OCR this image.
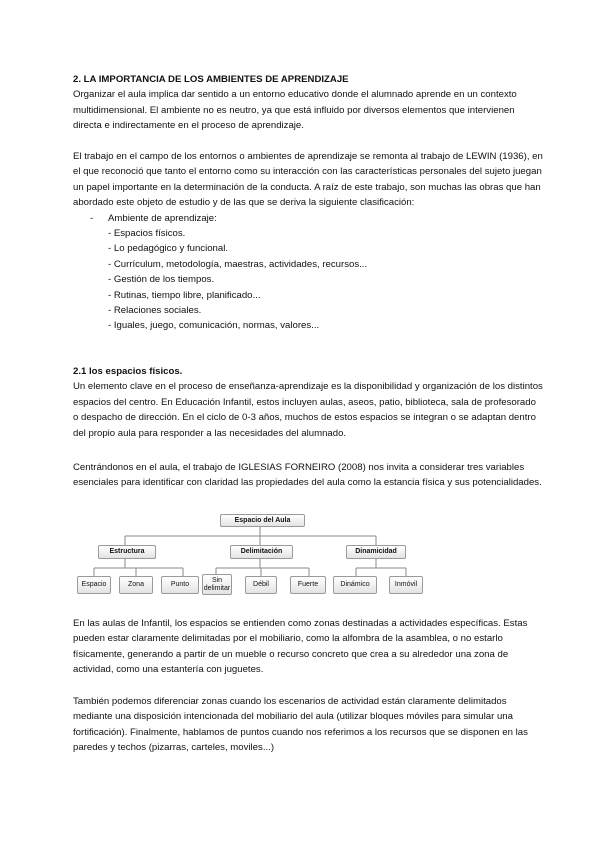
2. LA IMPORTANCIA DE LOS AMBIENTES DE APRENDIZAJE

Organizar el aula implica dar sentido a un entorno educativo donde el alumnado aprende en un contexto multidimensional. El ambiente no es neutro, ya que está influido por diversos elementos que intervienen directa e indirectamente en el proceso de aprendizaje.

El trabajo en el campo de los entornos o ambientes de aprendizaje se remonta al trabajo de LEWIN (1936), en el que reconoció que tanto el entorno como su interacción con las características personales del sujeto juegan un papel importante en la determinación de la conducta. A raíz de este trabajo, son muchas las obras que han abordado este objeto de estudio y de las que se deriva la siguiente clasificación:

- Ambiente de aprendizaje:
- Espacios físicos.
- Lo pedagógico y funcional.
- Currículum, metodología, maestras, actividades, recursos...
- Gestión de los tiempos.
- Rutinas, tiempo libre, planificado...
- Relaciones sociales.
- Iguales, juego, comunicación, normas, valores...
2.1 los espacios físicos.

Un elemento clave en el proceso de enseñanza-aprendizaje es la disponibilidad y organización de los distintos espacios del centro. En Educación Infantil, estos incluyen aulas, aseos, patio, biblioteca, sala de profesorado o despacho de dirección. En el ciclo de 0-3 años, muchos de estos espacios se integran o se adaptan dentro del propio aula para responder a las necesidades del alumnado.

Centrándonos en el aula, el trabajo de IGLESIAS FORNEIRO (2008) nos invita a considerar tres variables esenciales para identificar con claridad las propiedades del aula como la estancia física y sus potencialidades.

Espacio del Aula
Estructura	Delimitación	Dinamicidad
Espacio	Zona	Punto
Sin delimitar	Débil	Fuerte	Dinámico	Inmóvil

En las aulas de Infantil, los espacios se entienden como zonas destinadas a actividades específicas. Estas pueden estar claramente delimitadas por el mobiliario, como la alfombra de la asamblea, o no estarlo físicamente, generando a partir de un mueble o recurso concreto que crea a su alrededor una zona de actividad, como una estantería con juguetes.

También podemos diferenciar zonas cuando los escenarios de actividad están claramente delimitados mediante una disposición intencionada del mobiliario del aula (utilizar bloques móviles para simular una fortificación). Finalmente, hablamos de puntos cuando nos referimos a los recursos que se disponen en las paredes y techos (pizarras, carteles, moviles...)
